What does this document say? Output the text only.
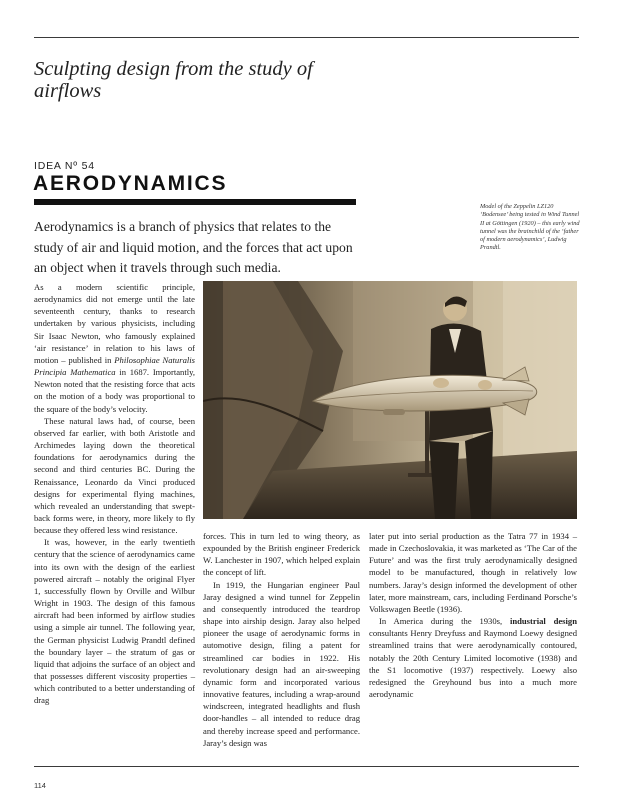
Sculpting design from the study of airflows
IDEA Nº 54
AERODYNAMICS
Aerodynamics is a branch of physics that relates to the study of air and liquid motion, and the forces that act upon an object when it travels through such media.
Model of the Zeppelin LZ120 ‘Bodensee’ being tested in Wind Tunnel II at Göttingen (1920) – this early wind tunnel was the brainchild of the ‘father of modern aerodynamics’, Ludwig Prandtl.

As a modern scientific principle, aerodynamics did not emerge until the late seventeenth century, thanks to research undertaken by various physicists, including Sir Isaac Newton, who famously explained ‘air resistance’ in relation to his laws of motion – published in Philosophiae Naturalis Principia Mathematica in 1687. Importantly, Newton noted that the resisting force that acts on the motion of a body was proportional to the square of the body’s velocity.

These natural laws had, of course, been observed far earlier, with both Aristotle and Archimedes laying down the theoretical foundations for aerodynamics during the second and third centuries BC. During the Renaissance, Leonardo da Vinci produced designs for experimental flying machines, which revealed an understanding that swept-back forms were, in theory, more likely to fly because they offered less wind resistance.

It was, however, in the early twentieth century that the science of aerodynamics came into its own with the design of the earliest powered aircraft – notably the original Flyer 1, successfully flown by Orville and Wilbur Wright in 1903. The design of this famous aircraft had been informed by airflow studies using a simple air tunnel. The following year, the German physicist Ludwig Prandtl defined the boundary layer – the stratum of gas or liquid that adjoins the surface of an object and that possesses different viscosity properties – which contributed to a better understanding of drag

forces. This in turn led to wing theory, as expounded by the British engineer Frederick W. Lanchester in 1907, which helped explain the concept of lift.

In 1919, the Hungarian engineer Paul Jaray designed a wind tunnel for Zeppelin and consequently introduced the teardrop shape into airship design. Jaray also helped pioneer the usage of aerodynamic forms in automotive design, filing a patent for streamlined car bodies in 1922. His revolutionary design had an air-sweeping dynamic form and incorporated various innovative features, including a wrap-around windscreen, integrated headlights and flush door-handles – all intended to reduce drag and thereby increase speed and performance. Jaray’s design was

later put into serial production as the Tatra 77 in 1934 – made in Czechoslovakia, it was marketed as ‘The Car of the Future’ and was the first truly aerodynamically designed model to be manufactured, though in relatively low numbers. Jaray’s design informed the development of other later, more mainstream, cars, including Ferdinand Porsche’s Volkswagen Beetle (1936).

In America during the 1930s, industrial design consultants Henry Dreyfuss and Raymond Loewy designed streamlined trains that were aerodynamically contoured, notably the 20th Century Limited locomotive (1938) and the S1 locomotive (1937) respectively. Loewy also redesigned the Greyhound bus into a much more aerodynamic

114
